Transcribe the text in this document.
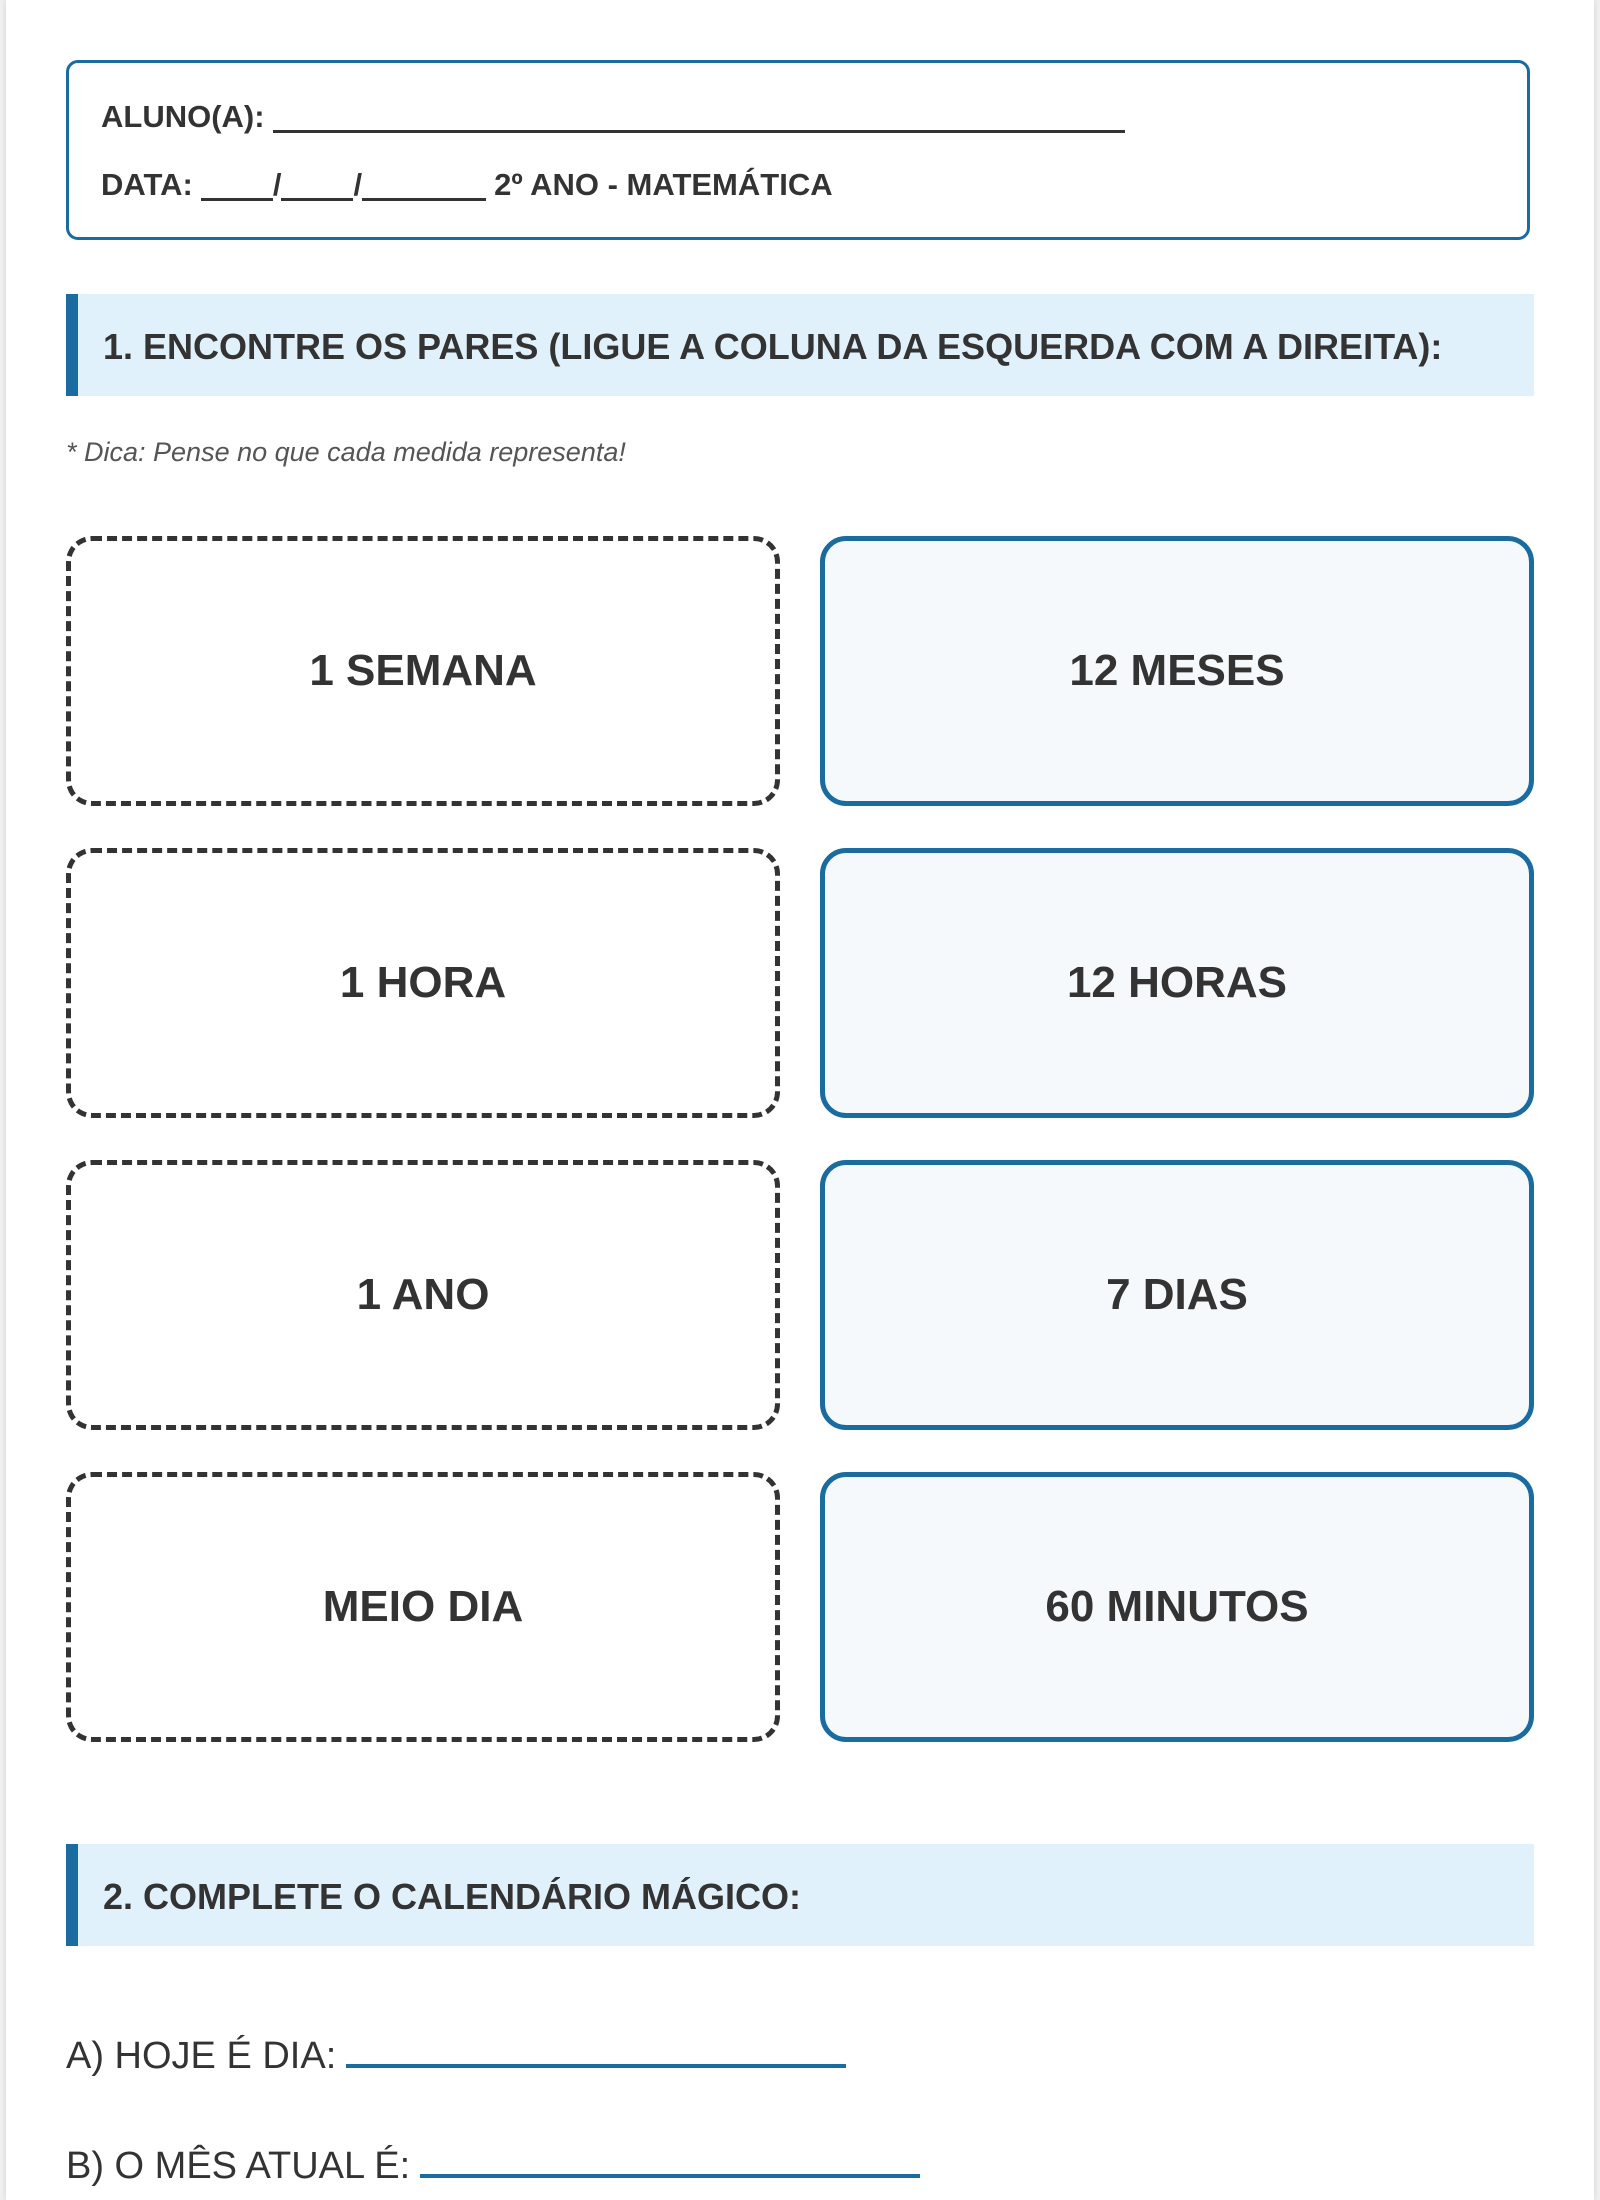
ALUNO(A):
DATA:	/ /	2º ANO - MATEMÁTICA
1. ENCONTRE OS PARES (LIGUE A COLUNA DA ESQUERDA COM A DIREITA):
* Dica: Pense no que cada medida representa!
1 SEMANA	12 MESES
1 HORA	12 HORAS
1 ANO	7 DIAS
MEIO DIA	60 MINUTOS
2. COMPLETE O CALENDÁRIO MÁGICO:
A) HOJE É DIA:
B) O MÊS ATUAL É:
